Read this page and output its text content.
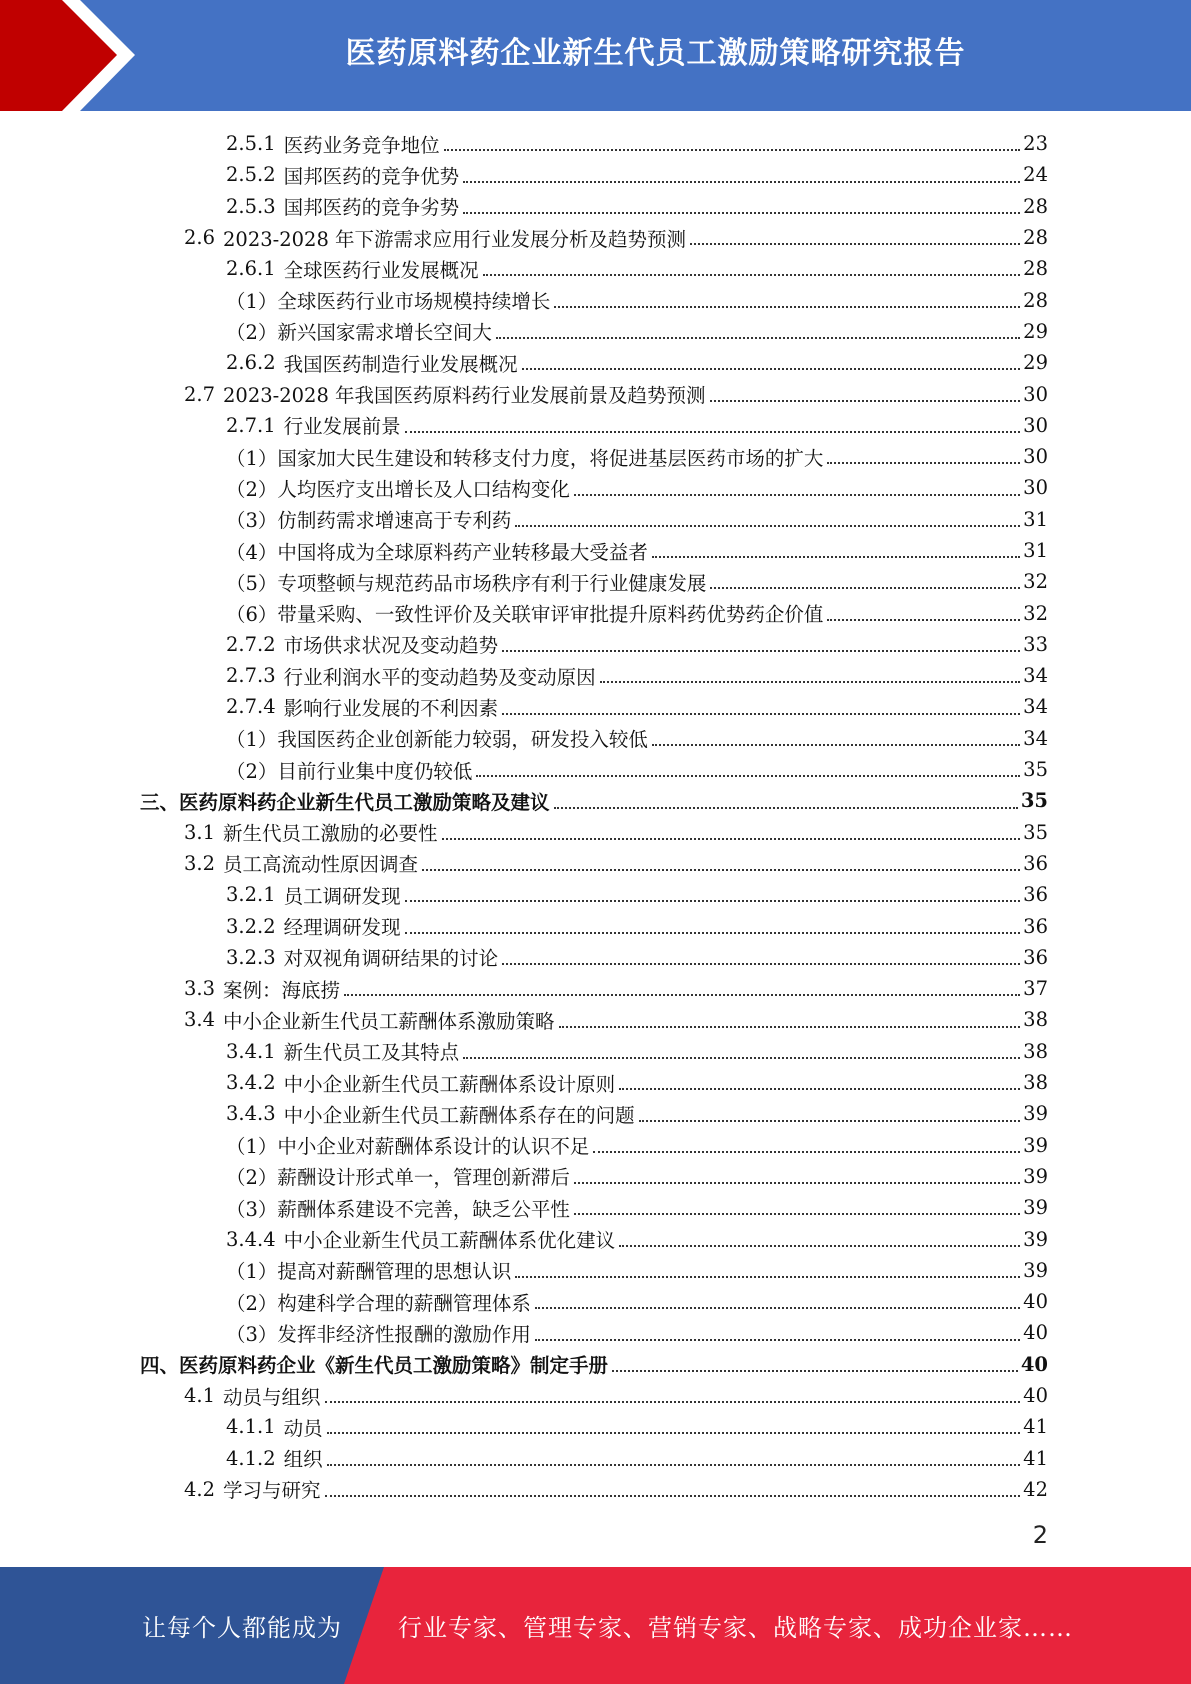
医药原料药企业新生代员工激励策略研究报告
2.5.1 医药业务竞争地位	23
2.5.2 国邦医药的竞争优势	24
2.5.3 国邦医药的竞争劣势	28
2.6 2023-2028 年下游需求应用行业发展分析及趋势预测	28
2.6.1 全球医药行业发展概况	28
（1） 全球医药行业市场规模持续增长	28
（2） 新兴国家需求增长空间大	29
2.6.2 我国医药制造行业发展概况	29
2.7 2023-2028 年我国医药原料药行业发展前景及趋势预测	30
2.7.1 行业发展前景	30
（1） 国家加大民生建设和转移支付力度，将促进基层医药市场的扩大	30
（2） 人均医疗支出增长及人口结构变化	30
（3） 仿制药需求增速高于专利药	31
（4） 中国将成为全球原料药产业转移最大受益者	31
（5） 专项整顿与规范药品市场秩序有利于行业健康发展	32
（6） 带量采购、一致性评价及关联审评审批提升原料药优势药企价值	32
2.7.2 市场供求状况及变动趋势	33
2.7.3 行业利润水平的变动趋势及变动原因	34
2.7.4 影响行业发展的不利因素	34
（1） 我国医药企业创新能力较弱，研发投入较低	34
（2） 目前行业集中度仍较低	35
三、 医药原料药企业新生代员工激励策略及建议	35
3.1 新生代员工激励的必要性	35
3.2 员工高流动性原因调查	36
3.2.1 员工调研发现	36
3.2.2 经理调研发现	36
3.2.3 对双视角调研结果的讨论	36
3.3 案例：海底捞	37
3.4 中小企业新生代员工薪酬体系激励策略	38
3.4.1 新生代员工及其特点	38
3.4.2 中小企业新生代员工薪酬体系设计原则	38
3.4.3 中小企业新生代员工薪酬体系存在的问题	39
（1） 中小企业对薪酬体系设计的认识不足	39
（2） 薪酬设计形式单一，管理创新滞后	39
（3） 薪酬体系建设不完善，缺乏公平性	39
3.4.4 中小企业新生代员工薪酬体系优化建议	39
（1） 提高对薪酬管理的思想认识	39
（2） 构建科学合理的薪酬管理体系	40
（3） 发挥非经济性报酬的激励作用	40
四、 医药原料药企业《新生代员工激励策略》制定手册	40
4.1 动员与组织	40
4.1.1 动员	41
4.1.2 组织	41
4.2 学习与研究	42
2
让每个人都能成为 行业专家、管理专家、营销专家、战略专家、成功企业家……
